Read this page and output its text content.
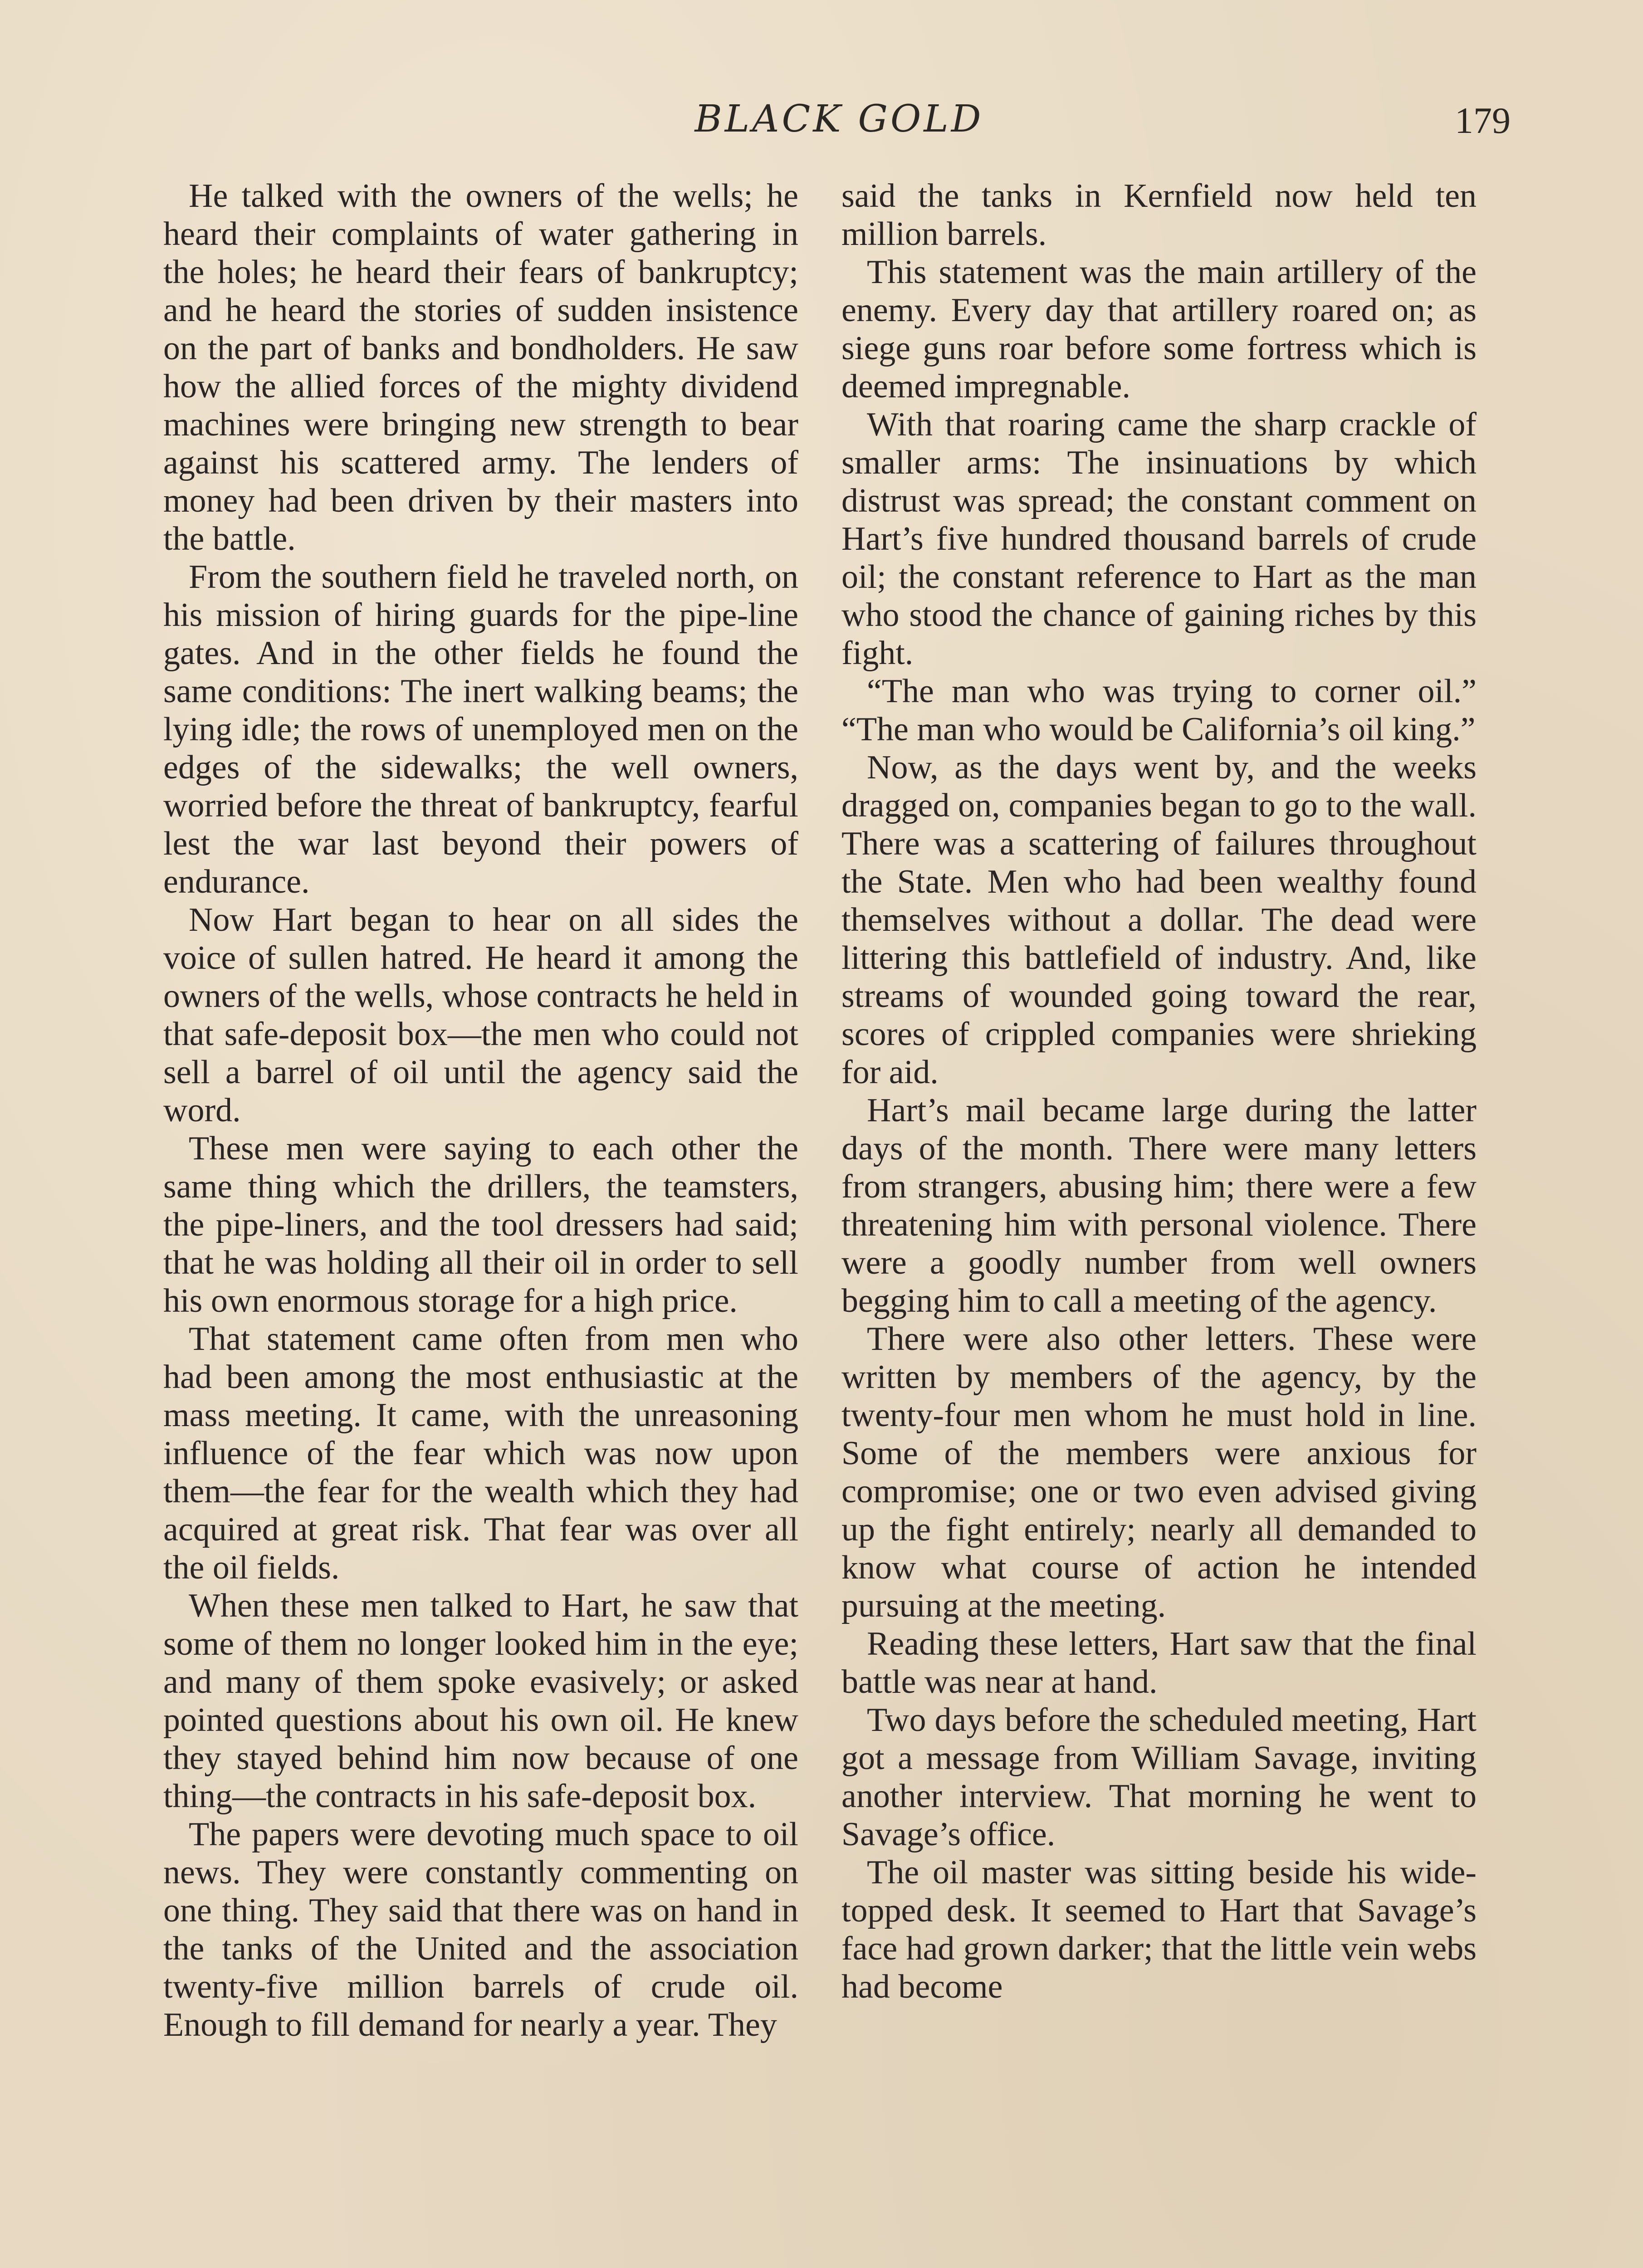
BLACK GOLD	179

He talked with the owners of the wells; he heard their complaints of water gathering in the holes; he heard their fears of bankruptcy; and he heard the stories of sudden insistence on the part of banks and bondholders. He saw how the allied forces of the mighty dividend machines were bringing new strength to bear against his scattered army. The lenders of money had been driven by their masters into the battle.

From the southern field he traveled north, on his mission of hiring guards for the pipe-line gates. And in the other fields he found the same conditions: The inert walking beams; the lying idle; the rows of unemployed men on the edges of the sidewalks; the well owners, worried before the threat of bankruptcy, fearful lest the war last beyond their powers of endurance.

Now Hart began to hear on all sides the voice of sullen hatred. He heard it among the owners of the wells, whose contracts he held in that safe-deposit box—the men who could not sell a barrel of oil until the agency said the word.

These men were saying to each other the same thing which the drillers, the teamsters, the pipe-liners, and the tool dressers had said; that he was holding all their oil in order to sell his own enormous storage for a high price.

That statement came often from men who had been among the most enthusiastic at the mass meeting. It came, with the unreasoning influence of the fear which was now upon them—the fear for the wealth which they had acquired at great risk. That fear was over all the oil fields.

When these men talked to Hart, he saw that some of them no longer looked him in the eye; and many of them spoke evasively; or asked pointed questions about his own oil. He knew they stayed behind him now because of one thing—the contracts in his safe-deposit box.

The papers were devoting much space to oil news. They were constantly commenting on one thing. They said that there was on hand in the tanks of the United and the association twenty-five million barrels of crude oil. Enough to fill demand for nearly a year. They

said the tanks in Kernfield now held ten million barrels.

This statement was the main artillery of the enemy. Every day that artillery roared on; as siege guns roar before some fortress which is deemed impregnable.

With that roaring came the sharp crackle of smaller arms: The insinuations by which distrust was spread; the constant comment on Hart’s five hundred thousand barrels of crude oil; the constant reference to Hart as the man who stood the chance of gaining riches by this fight.

“The man who was trying to corner oil.” “The man who would be California’s oil king.”

Now, as the days went by, and the weeks dragged on, companies began to go to the wall. There was a scattering of failures throughout the State. Men who had been wealthy found themselves without a dollar. The dead were littering this battlefield of industry. And, like streams of wounded going toward the rear, scores of crippled companies were shrieking for aid.

Hart’s mail became large during the latter days of the month. There were many letters from strangers, abusing him; there were a few threatening him with personal violence. There were a goodly number from well owners begging him to call a meeting of the agency.

There were also other letters. These were written by members of the agency, by the twenty-four men whom he must hold in line. Some of the members were anxious for compromise; one or two even advised giving up the fight entirely; nearly all demanded to know what course of action he intended pursuing at the meeting.

Reading these letters, Hart saw that the final battle was near at hand.

Two days before the scheduled meeting, Hart got a message from William Savage, inviting another interview. That morning he went to Savage’s office.

The oil master was sitting beside his wide-topped desk. It seemed to Hart that Savage’s face had grown darker; that the little vein webs had become
